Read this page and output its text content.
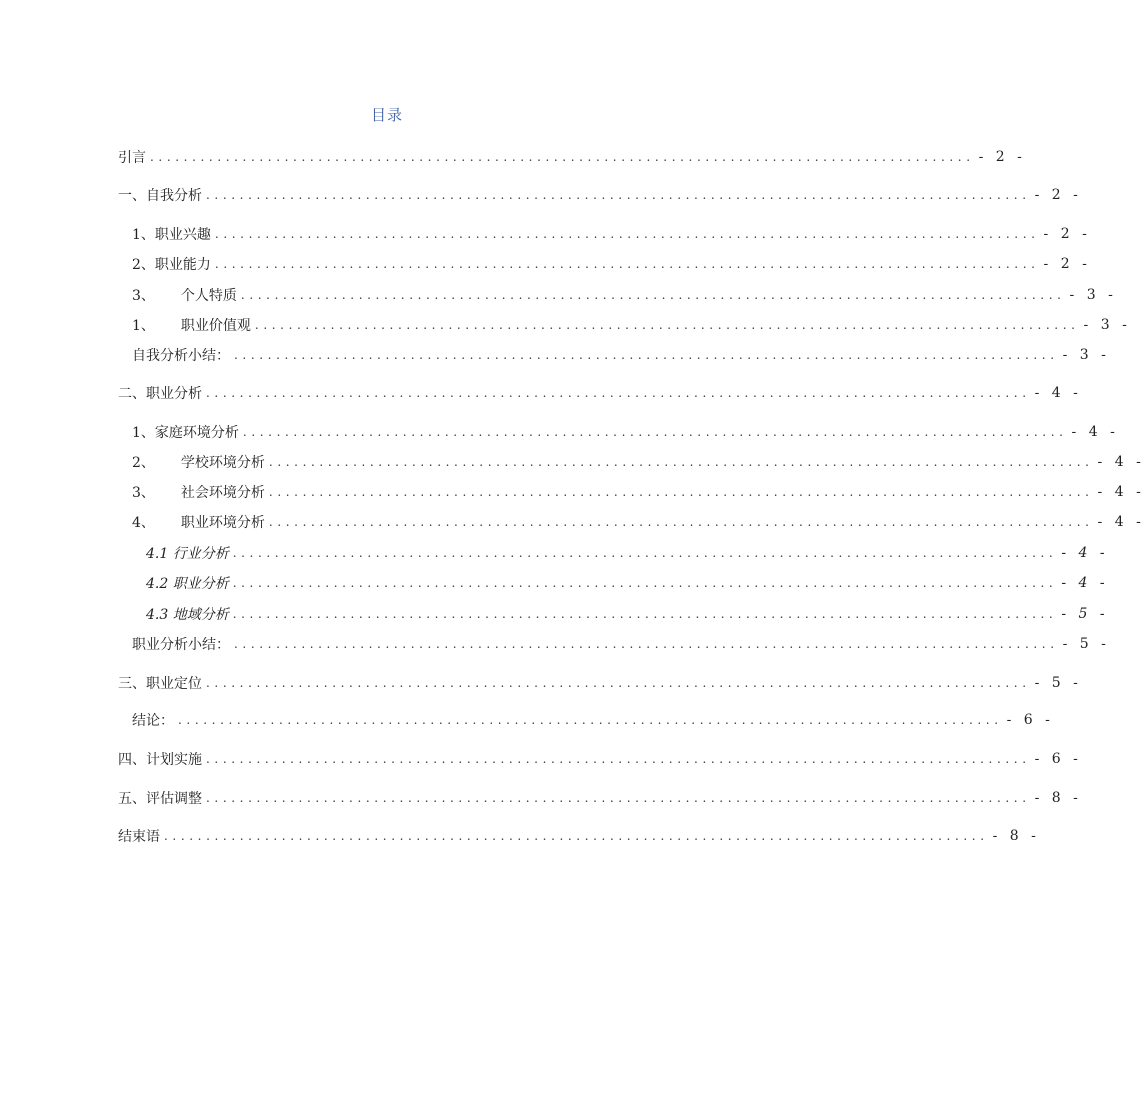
目录
引言 .................................................................................................. - 2 -
一、自我分析 .................................................................................................. - 2 -
1、职业兴趣 .................................................................................................. - 2 -
2、职业能力 .................................................................................................. - 2 -
3、 个人特质 .................................................................................................. - 3 -
1、 职业价值观 .................................................................................................. - 3 -
自我分析小结： .................................................................................................. - 3 -
二、职业分析 .................................................................................................. - 4 -
1、家庭环境分析 .................................................................................................. - 4 -
2、 学校环境分析 .................................................................................................. - 4 -
3、 社会环境分析 .................................................................................................. - 4 -
4、 职业环境分析 .................................................................................................. - 4 -
4.1 行业分析 .................................................................................................. - 4 -
4.2 职业分析 .................................................................................................. - 4 -
4.3 地域分析 .................................................................................................. - 5 -
职业分析小结： .................................................................................................. - 5 -
三、职业定位 .................................................................................................. - 5 -
结论： .................................................................................................. - 6 -
四、计划实施 .................................................................................................. - 6 -
五、评估调整 .................................................................................................. - 8 -
结束语 .................................................................................................. - 8 -
